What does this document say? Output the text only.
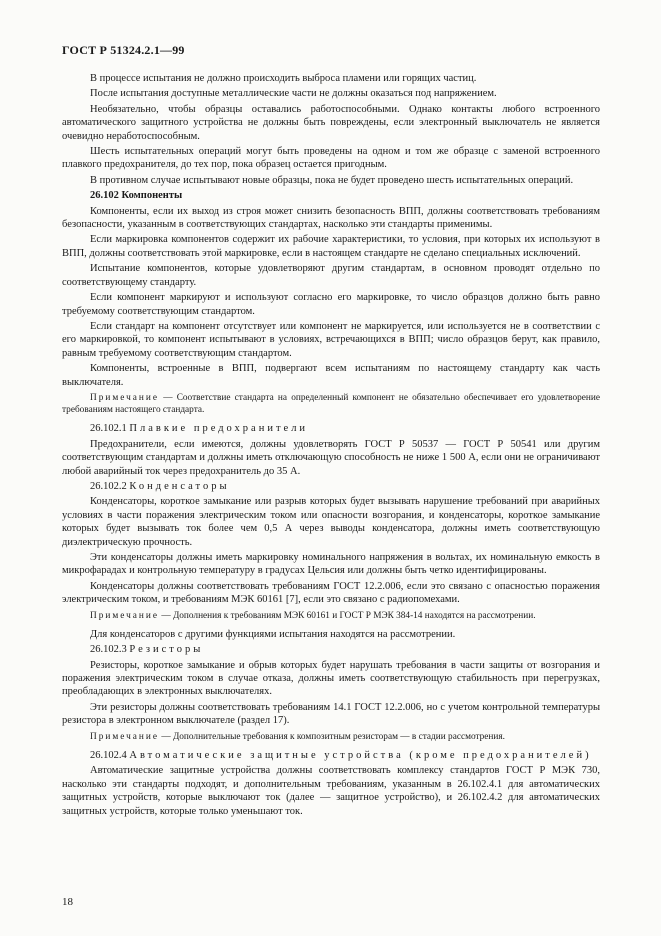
ГОСТ Р 51324.2.1—99

В процессе испытания не должно происходить выброса пламени или горящих частиц.

После испытания доступные металлические части не должны оказаться под напряжением.

Необязательно, чтобы образцы оставались работоспособными. Однако контакты любого встроенного автоматического защитного устройства не должны быть повреждены, если электронный выключатель не является очевидно неработоспособным.

Шесть испытательных операций могут быть проведены на одном и том же образце с заменой встроенного плавкого предохранителя, до тех пор, пока образец остается пригодным.

В противном случае испытывают новые образцы, пока не будет проведено шесть испытательных операций.

26.102 Компоненты

Компоненты, если их выход из строя может снизить безопасность ВПП, должны соответствовать требованиям безопасности, указанным в соответствующих стандартах, насколько эти стандарты применимы.

Если маркировка компонентов содержит их рабочие характеристики, то условия, при которых их используют в ВПП, должны соответствовать этой маркировке, если в настоящем стандарте не сделано специальных исключений.

Испытание компонентов, которые удовлетворяют другим стандартам, в основном проводят отдельно по соответствующему стандарту.

Если компонент маркируют и используют согласно его маркировке, то число образцов должно быть равно требуемому соответствующим стандартом.

Если стандарт на компонент отсутствует или компонент не маркируется, или используется не в соответствии с его маркировкой, то компонент испытывают в условиях, встречающихся в ВПП; число образцов берут, как правило, равным требуемому соответствующим стандартом.

Компоненты, встроенные в ВПП, подвергают всем испытаниям по настоящему стандарту как часть выключателя.

Примечание — Соответствие стандарта на определенный компонент не обязательно обеспечивает его удовлетворение требованиям настоящего стандарта.

26.102.1 Плавкие предохранители

Предохранители, если имеются, должны удовлетворять ГОСТ Р 50537 — ГОСТ Р 50541 или другим соответствующим стандартам и должны иметь отключающую способность не ниже 1 500 А, если они не ограничивают любой аварийный ток через предохранитель до 35 А.

26.102.2 Конденсаторы

Конденсаторы, короткое замыкание или разрыв которых будет вызывать нарушение требований при аварийных условиях в части поражения электрическим током или опасности возгорания, и конденсаторы, короткое замыкание которых будет вызывать ток более чем 0,5 А через выводы конденсатора, должны иметь соответствующую диэлектрическую прочность.

Эти конденсаторы должны иметь маркировку номинального напряжения в вольтах, их номинальную емкость в микрофарадах и контрольную температуру в градусах Цельсия или должны быть четко идентифицированы.

Конденсаторы должны соответствовать требованиям ГОСТ 12.2.006, если это связано с опасностью поражения электрическим током, и требованиям МЭК 60161 [7], если это связано с радиопомехами.

Примечание — Дополнения к требованиям МЭК 60161 и ГОСТ Р МЭК 384-14 находятся на рассмотрении.

Для конденсаторов с другими функциями испытания находятся на рассмотрении.

26.102.3 Резисторы

Резисторы, короткое замыкание и обрыв которых будет нарушать требования в части защиты от возгорания и поражения электрическим током в случае отказа, должны иметь соответствующую стабильность при перегрузках, преобладающих в электронных выключателях.

Эти резисторы должны соответствовать требованиям 14.1 ГОСТ 12.2.006, но с учетом контрольной температуры резистора в электронном выключателе (раздел 17).

Примечание — Дополнительные требования к композитным резисторам — в стадии рассмотрения.

26.102.4 Автоматические защитные устройства (кроме предохранителей)

Автоматические защитные устройства должны соответствовать комплексу стандартов ГОСТ Р МЭК 730, насколько эти стандарты подходят, и дополнительным требованиям, указанным в 26.102.4.1 для автоматических защитных устройств, которые выключают ток (далее — защитное устройство), и 26.102.4.2 для автоматических защитных устройств, которые только уменьшают ток.

18
